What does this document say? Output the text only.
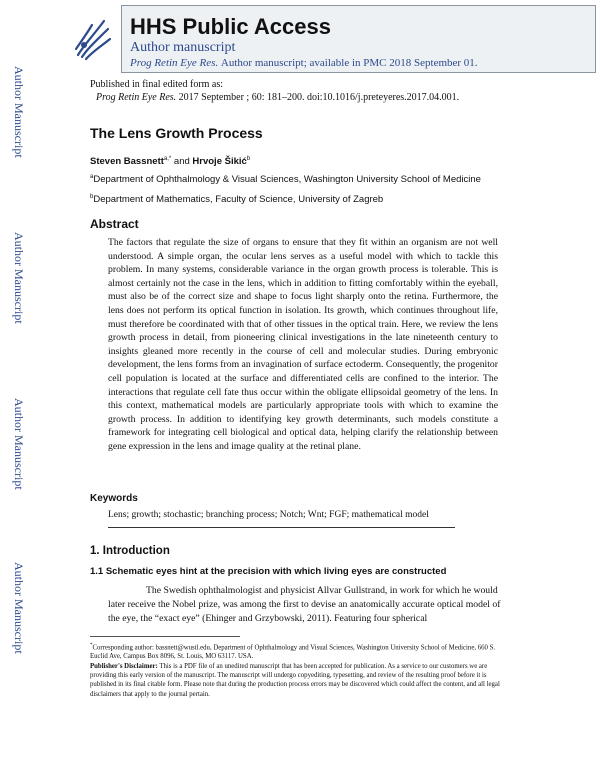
HHS Public Access
Author manuscript
Prog Retin Eye Res. Author manuscript; available in PMC 2018 September 01.
Author Manuscript
Author Manuscript
Author Manuscript
Author Manuscript
Published in final edited form as:
Prog Retin Eye Res. 2017 September ; 60: 181–200. doi:10.1016/j.preteyeres.2017.04.001.
The Lens Growth Process
Steven Bassnett$^{a,*}$ and Hrvoje Šikić$^b$
$^a$Department of Ophthalmology & Visual Sciences, Washington University School of Medicine
$^b$Department of Mathematics, Faculty of Science, University of Zagreb
Abstract

The factors that regulate the size of organs to ensure that they fit within an organism are not well understood. A simple organ, the ocular lens serves as a useful model with which to tackle this problem. In many systems, considerable variance in the organ growth process is tolerable. This is almost certainly not the case in the lens, which in addition to fitting comfortably within the eyeball, must also be of the correct size and shape to focus light sharply onto the retina. Furthermore, the lens does not perform its optical function in isolation. Its growth, which continues throughout life, must therefore be coordinated with that of other tissues in the optical train. Here, we review the lens growth process in detail, from pioneering clinical investigations in the late nineteenth century to insights gleaned more recently in the course of cell and molecular studies. During embryonic development, the lens forms from an invagination of surface ectoderm. Consequently, the progenitor cell population is located at the surface and differentiated cells are confined to the interior. The interactions that regulate cell fate thus occur within the obligate ellipsoidal geometry of the lens. In this context, mathematical models are particularly appropriate tools with which to examine the growth process. In addition to identifying key growth determinants, such models constitute a framework for integrating cell biological and optical data, helping clarify the relationship between gene expression in the lens and image quality at the retinal plane.

Keywords
Lens; growth; stochastic; branching process; Notch; Wnt; FGF; mathematical model
1. Introduction
1.1 Schematic eyes hint at the precision with which living eyes are constructed

The Swedish ophthalmologist and physicist Allvar Gullstrand, in work for which he would later receive the Nobel prize, was among the first to devise an anatomically accurate optical model of the eye, the “exact eye” (Ehinger and Grzybowski, 2011). Featuring four spherical

*Corresponding author: bassnett@wustl.edu, Department of Ophthalmology and Visual Sciences, Washington University School of Medicine, 660 S. Euclid Ave, Campus Box 8096, St. Louis, MO 63117. USA.

Publisher's Disclaimer: This is a PDF file of an unedited manuscript that has been accepted for publication. As a service to our customers we are providing this early version of the manuscript. The manuscript will undergo copyediting, typesetting, and review of the resulting proof before it is published in its final citable form. Please note that during the production process errors may be discovered which could affect the content, and all legal disclaimers that apply to the journal pertain.
